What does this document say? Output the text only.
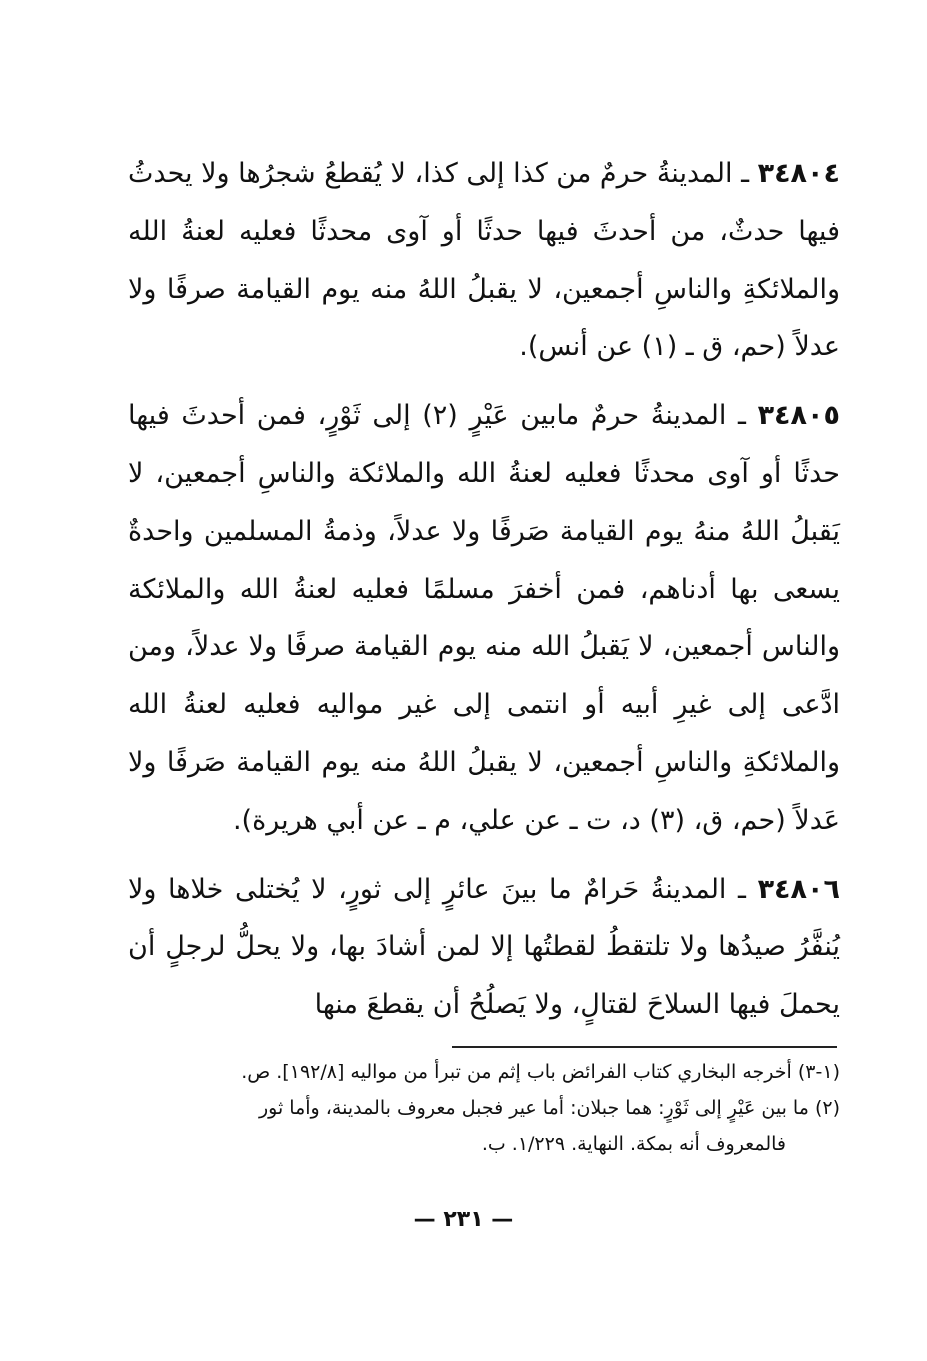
٣٤٨٠٤ ـ المدينةُ حرمٌ من كذا إلى كذا، لا يُقطعُ شجرُها ولا يحدثُ فيها حدثٌ، من أحدثَ فيها حدثًا أو آوى محدثًا فعليه لعنةُ الله والملائكةِ والناسِ أجمعين، لا يقبلُ اللهُ منه يوم القيامة صرفًا ولا عدلاً (حم، ق ـ (١) عن أنس).

٣٤٨٠٥ ـ المدينةُ حرمٌ مابين عَيْرٍ (٢) إلى ثَوْرٍ، فمن أحدثَ فيها حدثًا أو آوى محدثًا فعليه لعنةُ الله والملائكة والناسِ أجمعين، لا يَقبلُ اللهُ منهُ يوم القيامة صَرفًا ولا عدلاً، وذمةُ المسلمين واحدةٌ يسعى بها أدناهم، فمن أخفرَ مسلمًا فعليه لعنةُ الله والملائكة والناس أجمعين، لا يَقبلُ الله منه يوم القيامة صرفًا ولا عدلاً، ومن ادَّعى إلى غيرِ أبيه أو انتمى إلى غير مواليه فعليه لعنةُ الله والملائكةِ والناسِ أجمعين، لا يقبلُ اللهُ منه يوم القيامة صَرفًا ولا عَدلاً (حم، ق، (٣) د، ت ـ عن علي، م ـ عن أبي هريرة).

٣٤٨٠٦ ـ المدينةُ حَرامٌ ما بينَ عائرٍ إلى ثورٍ، لا يُختلى خلاها ولا يُنفَّرُ صيدُها ولا تلتقطُ لقطتُها إلا لمن أشادَ بها، ولا يحلُّ لرجلٍ أن يحملَ فيها السلاحَ لقتالٍ، ولا يَصلُحُ أن يقطعَ منها

(١-٣) أخرجه البخاري كتاب الفرائض باب إثم من تبرأ من مواليه [١٩٢/٨]. ص.

(٢) ما بين عَيْرٍ إلى ثَوْرٍ: هما جبلان: أما عير فجبل معروف بالمدينة، وأما ثور

فالمعروف أنه بمكة. النهاية. ١/٢٢٩. ب.

— ٢٣١ —
